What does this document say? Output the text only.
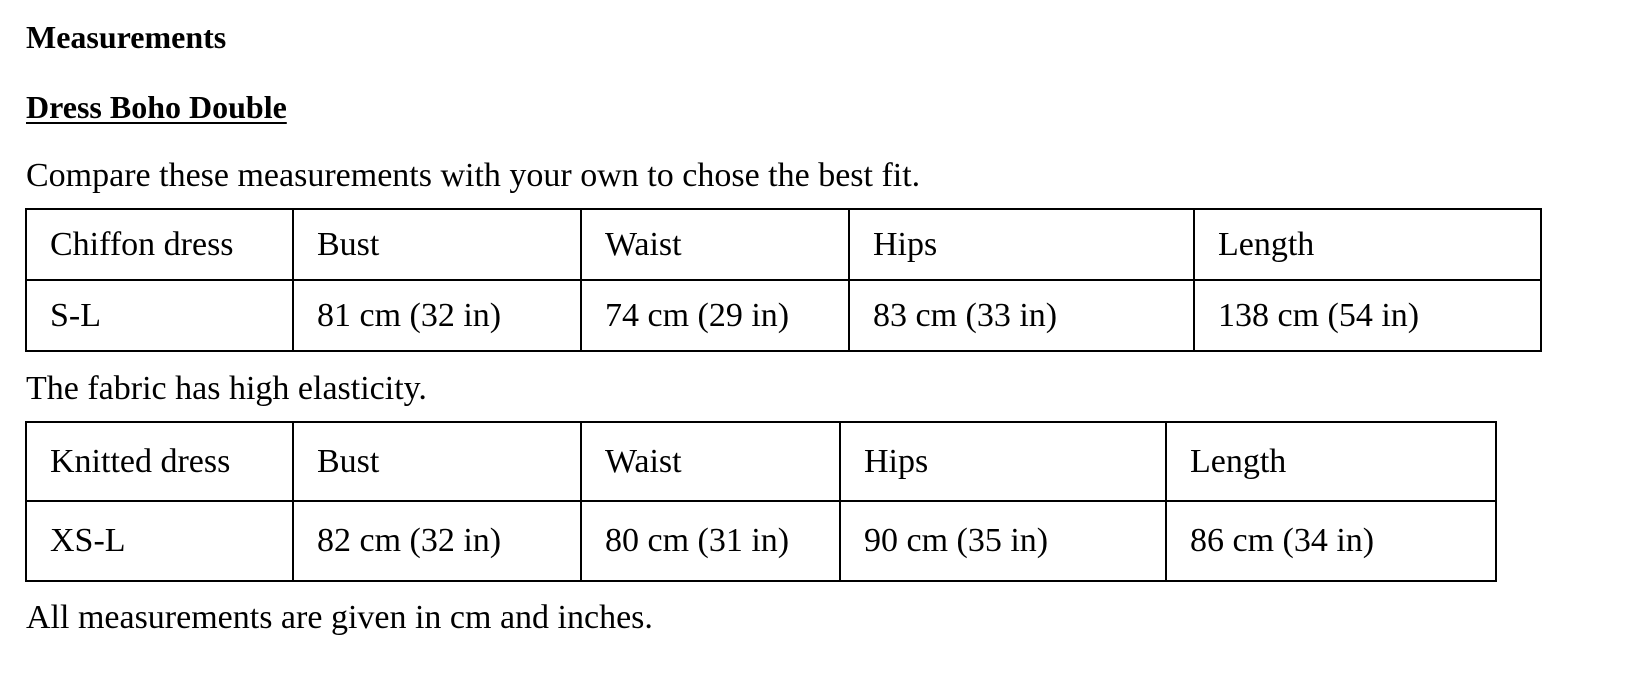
Measurements
Dress Boho Double

Compare these measurements with your own to chose the best fit.

Chiffon dress	Bust	Waist	Hips	Length
S-L	81 cm (32 in)	74 cm (29 in)	83 cm (33 in)	138 cm (54 in)

The fabric has high elasticity.

Knitted dress	Bust	Waist	Hips	Length
XS-L	82 cm (32 in)	80 cm (31 in)	90 cm (35 in)	86 cm (34 in)

All measurements are given in cm and inches.
